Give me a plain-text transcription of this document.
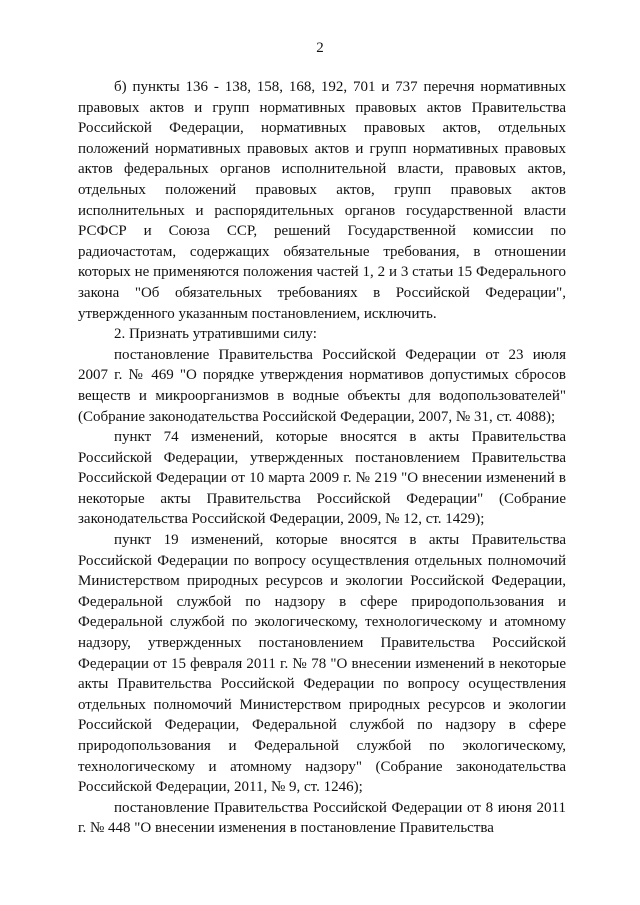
2

б) пункты 136 - 138, 158, 168, 192, 701 и 737 перечня нормативных правовых актов и групп нормативных правовых актов Правительства Российской Федерации, нормативных правовых актов, отдельных положений нормативных правовых актов и групп нормативных правовых актов федеральных органов исполнительной власти, правовых актов, отдельных положений правовых актов, групп правовых актов исполнительных и распорядительных органов государственной власти РСФСР и Союза ССР, решений Государственной комиссии по радиочастотам, содержащих обязательные требования, в отношении которых не применяются положения частей 1, 2 и 3 статьи 15 Федерального закона "Об обязательных требованиях в Российской Федерации", утвержденного указанным постановлением, исключить.

2. Признать утратившими силу:

постановление Правительства Российской Федерации от 23 июля 2007 г. № 469 "О порядке утверждения нормативов допустимых сбросов веществ и микроорганизмов в водные объекты для водопользователей" (Собрание законодательства Российской Федерации, 2007, № 31, ст. 4088);

пункт 74 изменений, которые вносятся в акты Правительства Российской Федерации, утвержденных постановлением Правительства Российской Федерации от 10 марта 2009 г. № 219 "О внесении изменений в некоторые акты Правительства Российской Федерации" (Собрание законодательства Российской Федерации, 2009, № 12, ст. 1429);

пункт 19 изменений, которые вносятся в акты Правительства Российской Федерации по вопросу осуществления отдельных полномочий Министерством природных ресурсов и экологии Российской Федерации, Федеральной службой по надзору в сфере природопользования и Федеральной службой по экологическому, технологическому и атомному надзору, утвержденных постановлением Правительства Российской Федерации от 15 февраля 2011 г. № 78 "О внесении изменений в некоторые акты Правительства Российской Федерации по вопросу осуществления отдельных полномочий Министерством природных ресурсов и экологии Российской Федерации, Федеральной службой по надзору в сфере природопользования и Федеральной службой по экологическому, технологическому и атомному надзору" (Собрание законодательства Российской Федерации, 2011, № 9, ст. 1246);

постановление Правительства Российской Федерации от 8 июня 2011 г. № 448 "О внесении изменения в постановление Правительства
